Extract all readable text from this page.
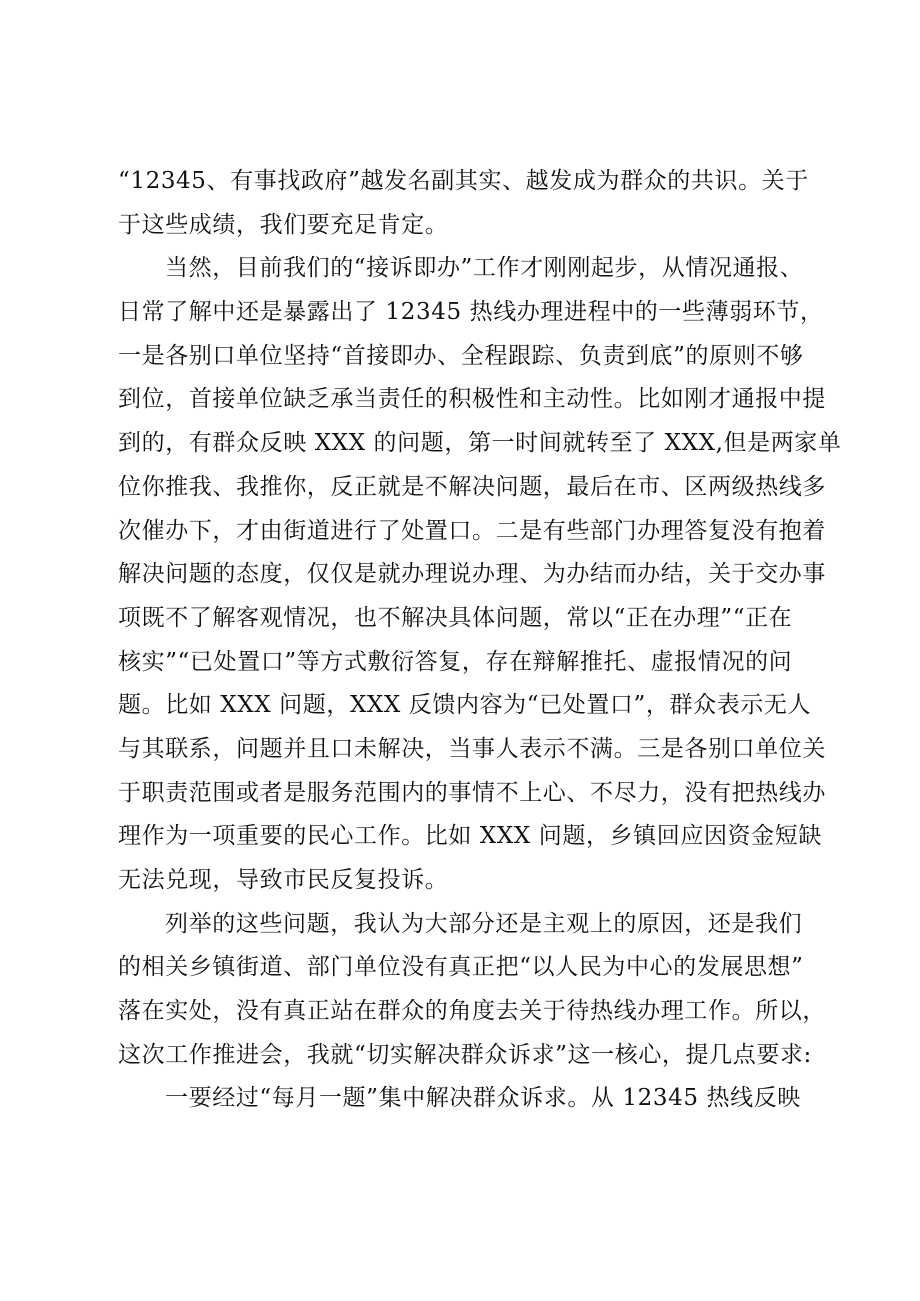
“12345、有事找政府”越发名副其实、越发成为群众的共识。关于
于这些成绩，我们要充足肯定。
当然，目前我们的“接诉即办”工作才刚刚起步，从情况通报、
日常了解中还是暴露出了 12345 热线办理进程中的一些薄弱环节，
一是各别口单位坚持“首接即办、全程跟踪、负责到底”的原则不够
到位，首接单位缺乏承当责任的积极性和主动性。比如刚才通报中提
到的，有群众反映 XXX 的问题，第一时间就转至了 XXX,但是两家单
位你推我、我推你，反正就是不解决问题，最后在市、区两级热线多
次催办下，才由街道进行了处置口。二是有些部门办理答复没有抱着
解决问题的态度，仅仅是就办理说办理、为办结而办结，关于交办事
项既不了解客观情况，也不解决具体问题，常以“正在办理”“正在
核实”“已处置口”等方式敷衍答复，存在辩解推托、虚报情况的问
题。比如 XXX 问题，XXX 反馈内容为“已处置口”，群众表示无人
与其联系，问题并且口未解决，当事人表示不满。三是各别口单位关
于职责范围或者是服务范围内的事情不上心、不尽力，没有把热线办
理作为一项重要的民心工作。比如 XXX 问题，乡镇回应因资金短缺
无法兑现，导致市民反复投诉。
列举的这些问题，我认为大部分还是主观上的原因，还是我们
的相关乡镇街道、部门单位没有真正把“以人民为中心的发展思想”
落在实处，没有真正站在群众的角度去关于待热线办理工作。所以，
这次工作推进会，我就“切实解决群众诉求”这一核心，提几点要求:
一要经过“每月一题”集中解决群众诉求。从 12345 热线反映
